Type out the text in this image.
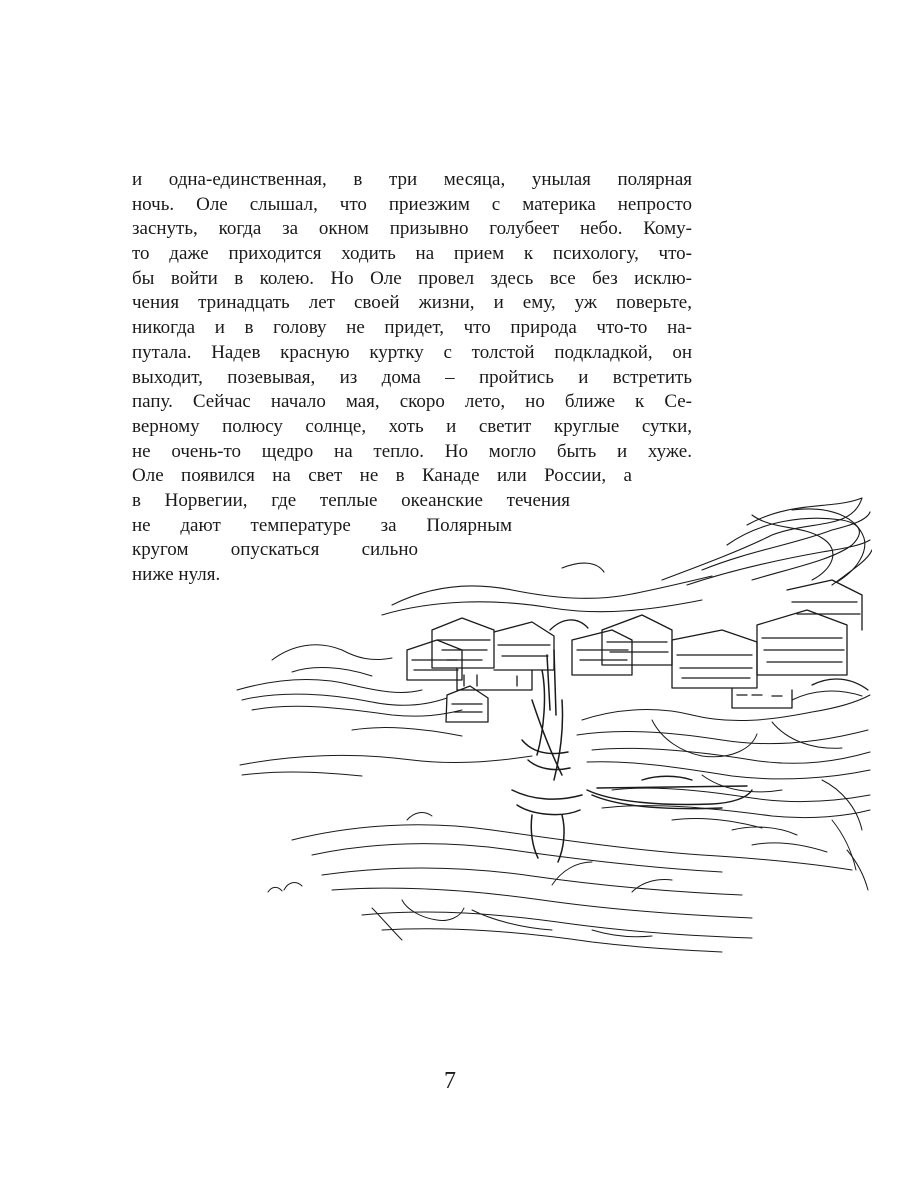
и одна-единственная, в три месяца, унылая полярная
ночь. Оле слышал, что приезжим с материка непросто
заснуть, когда за окном призывно голубеет небо. Кому-
то даже приходится ходить на прием к психологу, что-
бы войти в колею. Но Оле провел здесь все без исклю-
чения тринадцать лет своей жизни, и ему, уж поверьте,
никогда и в голову не придет, что природа что-то на-
путала. Надев красную куртку с толстой подкладкой, он
выходит, позевывая, из дома – пройтись и встретить
папу. Сейчас начало мая, скоро лето, но ближе к Се-
верному полюсу солнце, хоть и светит круглые сутки,
не очень-то щедро на тепло. Но могло быть и хуже.
Оле появился на свет не в Канаде или России, а
в Норвегии, где теплые океанские течения
не дают температуре за Полярным
кругом опускаться сильно
ниже нуля.
7
